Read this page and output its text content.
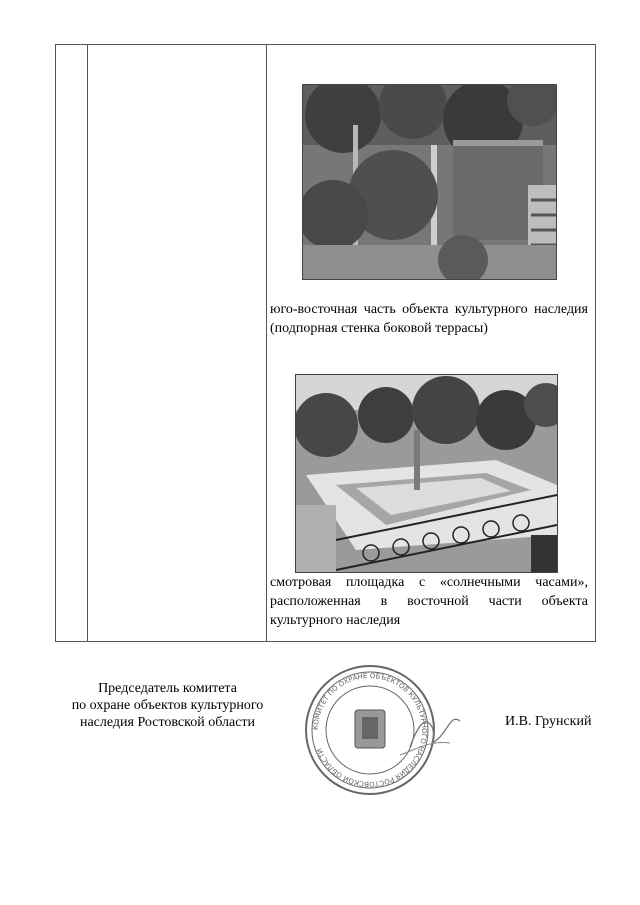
юго-восточная часть объекта культурного наследия (подпорная стенка боковой террасы)
смотровая площадка с «солнечными часами», расположенная в восточной части объекта культурного наследия
Председатель комитета
по охране объектов культурного
наследия Ростовской области	КОМИТЕТ ПО ОХРАНЕ ОБЪЕКТОВ КУЛЬТУРНОГО НАСЛЕДИЯ РОСТОВСКОЙ ОБЛАСТИ
И.В. Грунский
